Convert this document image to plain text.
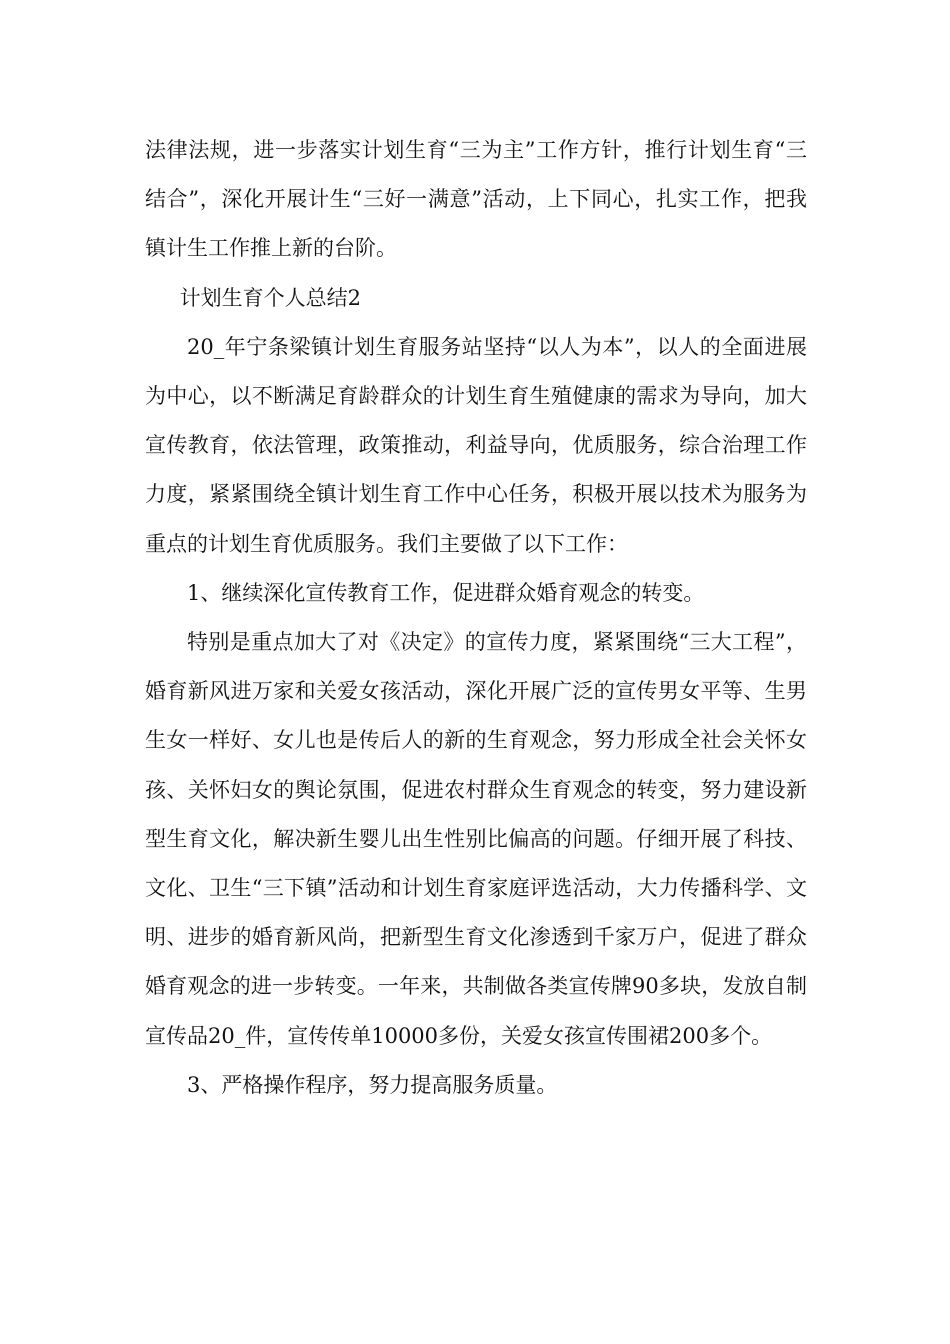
法律法规，进一步落实计划生育“三为主”工作方针，推行计划生育“三结合”，深化开展计生“三好一满意”活动，上下同心，扎实工作，把我镇计生工作推上新的台阶。

计划生育个人总结2

20_年宁条梁镇计划生育服务站坚持“以人为本”，以人的全面进展为中心，以不断满足育龄群众的计划生育生殖健康的需求为导向，加大宣传教育，依法管理，政策推动，利益导向，优质服务，综合治理工作力度，紧紧围绕全镇计划生育工作中心任务，积极开展以技术为服务为重点的计划生育优质服务。我们主要做了以下工作：

1、继续深化宣传教育工作，促进群众婚育观念的转变。

特别是重点加大了对《决定》的宣传力度，紧紧围绕“三大工程”，婚育新风进万家和关爱女孩活动，深化开展广泛的宣传男女平等、生男生女一样好、女儿也是传后人的新的生育观念，努力形成全社会关怀女孩、关怀妇女的舆论氛围，促进农村群众生育观念的转变，努力建设新型生育文化，解决新生婴儿出生性别比偏高的问题。仔细开展了科技、文化、卫生“三下镇”活动和计划生育家庭评选活动，大力传播科学、文明、进步的婚育新风尚，把新型生育文化渗透到千家万户，促进了群众婚育观念的进一步转变。一年来，共制做各类宣传牌90多块，发放自制宣传品20_件，宣传传单10000多份，关爱女孩宣传围裙200多个。

3、严格操作程序，努力提高服务质量。
